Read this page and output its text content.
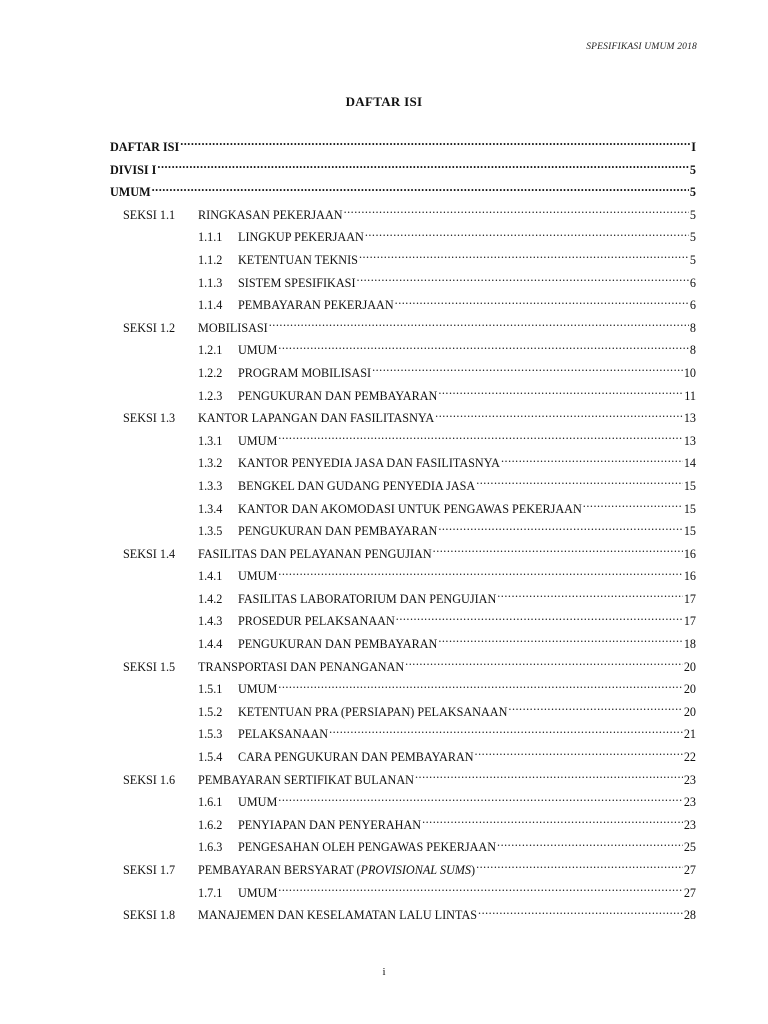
SPESIFIKASI UMUM 2018
DAFTAR ISI
DAFTAR ISI .....	I
DIVISI I .....	5
UMUM .....	5
SEKSI 1.1	RINGKASAN PEKERJAAN .....	5
1.1.1	LINGKUP PEKERJAAN .....	5
1.1.2	KETENTUAN TEKNIS .....	5
1.1.3	SISTEM SPESIFIKASI .....	6
1.1.4	PEMBAYARAN PEKERJAAN .....	6
SEKSI 1.2	MOBILISASI .....	8
1.2.1	UMUM .....	8
1.2.2	PROGRAM MOBILISASI .....	10
1.2.3	PENGUKURAN DAN PEMBAYARAN .....	11
SEKSI 1.3	KANTOR LAPANGAN DAN FASILITASNYA .....	13
1.3.1	UMUM .....	13
1.3.2	KANTOR PENYEDIA JASA DAN FASILITASNYA .....	14
1.3.3	BENGKEL DAN GUDANG PENYEDIA JASA .....	15
1.3.4	KANTOR DAN AKOMODASI UNTUK PENGAWAS PEKERJAAN .....	15
1.3.5	PENGUKURAN DAN PEMBAYARAN .....	15
SEKSI 1.4	FASILITAS DAN PELAYANAN PENGUJIAN .....	16
1.4.1	UMUM .....	16
1.4.2	FASILITAS LABORATORIUM DAN PENGUJIAN .....	17
1.4.3	PROSEDUR PELAKSANAAN .....	17
1.4.4	PENGUKURAN DAN PEMBAYARAN .....	18
SEKSI 1.5	TRANSPORTASI DAN PENANGANAN .....	20
1.5.1	UMUM .....	20
1.5.2	KETENTUAN PRA (PERSIAPAN) PELAKSANAAN .....	20
1.5.3	PELAKSANAAN .....	21
1.5.4	CARA PENGUKURAN DAN PEMBAYARAN .....	22
SEKSI 1.6	PEMBAYARAN SERTIFIKAT BULANAN .....	23
1.6.1	UMUM .....	23
1.6.2	PENYIAPAN DAN PENYERAHAN .....	23
1.6.3	PENGESAHAN OLEH PENGAWAS PEKERJAAN .....	25
SEKSI 1.7	PEMBAYARAN BERSYARAT (PROVISIONAL SUMS) .....	27
1.7.1	UMUM .....	27
SEKSI 1.8	MANAJEMEN DAN KESELAMATAN LALU LINTAS .....	28
i
